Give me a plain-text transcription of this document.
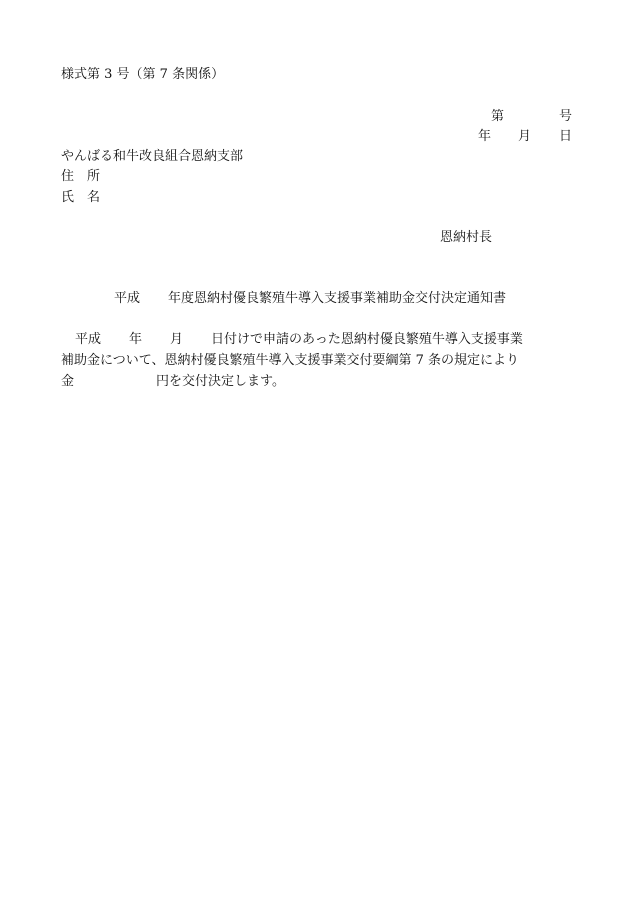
様式第 3 号（第 7 条関係）
第	号
年 月 日
やんばる和牛改良組合恩納支部
住　所
氏　名
恩納村長
平成 年度恩納村優良繁殖牛導入支援事業補助金交付決定通知書
平成 年 月 日付けで申請のあった恩納村優良繁殖牛導入支援事業
補助金について、恩納村優良繁殖牛導入支援事業交付要綱第 7 条の規定により
金	円を交付決定します。
